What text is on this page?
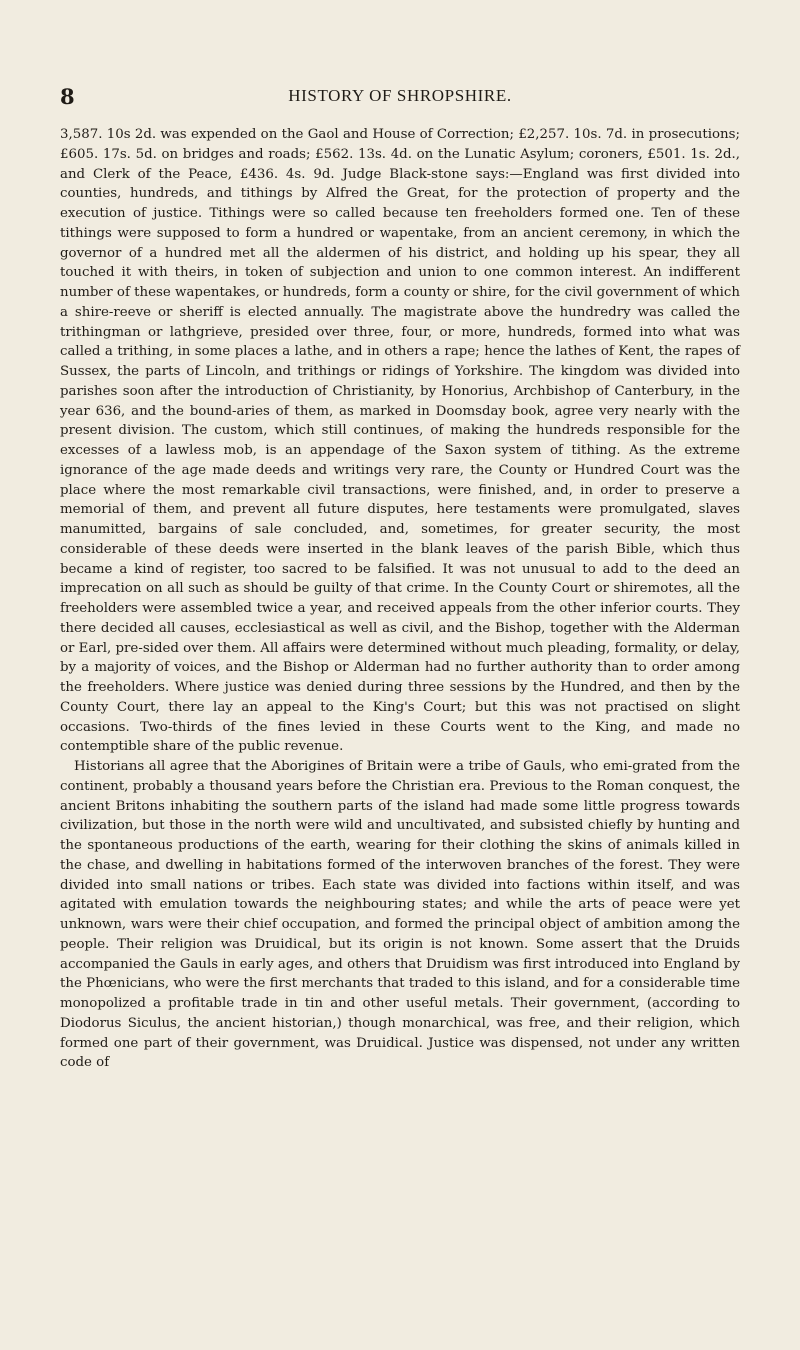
8	HISTORY OF SHROPSHIRE.

3,587. 10s 2d. was expended on the Gaol and House of Correction; £2,257. 10s. 7d. in prosecutions; £605. 17s. 5d. on bridges and roads; £562. 13s. 4d. on the Lunatic Asylum; coroners, £501. 1s. 2d., and Clerk of the Peace, £436. 4s. 9d. Judge Black-stone says:—England was first divided into counties, hundreds, and tithings by Alfred the Great, for the protection of property and the execution of justice. Tithings were so called because ten freeholders formed one. Ten of these tithings were supposed to form a hundred or wapentake, from an ancient ceremony, in which the governor of a hundred met all the aldermen of his district, and holding up his spear, they all touched it with theirs, in token of subjection and union to one common interest. An indifferent number of these wapentakes, or hundreds, form a county or shire, for the civil government of which a shire-reeve or sheriff is elected annually. The magistrate above the hundredry was called the trithingman or lathgrieve, presided over three, four, or more, hundreds, formed into what was called a trithing, in some places a lathe, and in others a rape; hence the lathes of Kent, the rapes of Sussex, the parts of Lincoln, and trithings or ridings of Yorkshire. The kingdom was divided into parishes soon after the introduction of Christianity, by Honorius, Archbishop of Canterbury, in the year 636, and the bound-aries of them, as marked in Doomsday book, agree very nearly with the present division. The custom, which still continues, of making the hundreds responsible for the excesses of a lawless mob, is an appendage of the Saxon system of tithing. As the extreme ignorance of the age made deeds and writings very rare, the County or Hundred Court was the place where the most remarkable civil transactions, were finished, and, in order to preserve a memorial of them, and prevent all future disputes, here testaments were promulgated, slaves manumitted, bargains of sale concluded, and, sometimes, for greater security, the most considerable of these deeds were inserted in the blank leaves of the parish Bible, which thus became a kind of register, too sacred to be falsified. It was not unusual to add to the deed an imprecation on all such as should be guilty of that crime. In the County Court or shiremotes, all the freeholders were assembled twice a year, and received appeals from the other inferior courts. They there decided all causes, ecclesiastical as well as civil, and the Bishop, together with the Alderman or Earl, pre-sided over them. All affairs were determined without much pleading, formality, or delay, by a majority of voices, and the Bishop or Alderman had no further authority than to order among the freeholders. Where justice was denied during three sessions by the Hundred, and then by the County Court, there lay an appeal to the King's Court; but this was not practised on slight occasions. Two-thirds of the fines levied in these Courts went to the King, and made no contemptible share of the public revenue.

Historians all agree that the Aborigines of Britain were a tribe of Gauls, who emi-grated from the continent, probably a thousand years before the Christian era. Previous to the Roman conquest, the ancient Britons inhabiting the southern parts of the island had made some little progress towards civilization, but those in the north were wild and uncultivated, and subsisted chiefly by hunting and the spontaneous productions of the earth, wearing for their clothing the skins of animals killed in the chase, and dwelling in habitations formed of the interwoven branches of the forest. They were divided into small nations or tribes. Each state was divided into factions within itself, and was agitated with emulation towards the neighbouring states; and while the arts of peace were yet unknown, wars were their chief occupation, and formed the principal object of ambition among the people. Their religion was Druidical, but its origin is not known. Some assert that the Druids accompanied the Gauls in early ages, and others that Druidism was first introduced into England by the Phœnicians, who were the first merchants that traded to this island, and for a considerable time monopolized a profitable trade in tin and other useful metals. Their government, (according to Diodorus Siculus, the ancient historian,) though monarchical, was free, and their religion, which formed one part of their government, was Druidical. Justice was dispensed, not under any written code of
